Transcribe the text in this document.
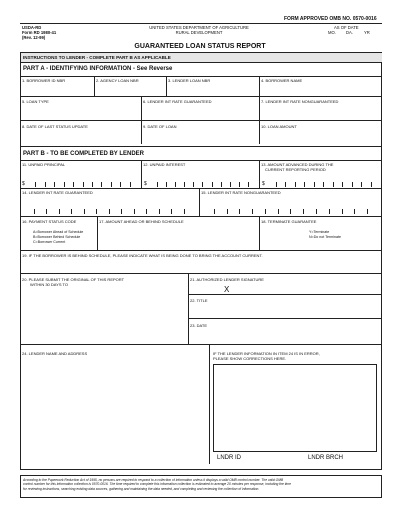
FORM APPROVED OMB NO. 0570-0016
USDA-RD
Form RD 1980-41
(Rev. 12-99)
UNITED STATES DEPARTMENT OF AGRICULTURE
RURAL DEVELOPMENT
AS OF DATE
MO. DA.	YR
GUARANTEED LOAN STATUS REPORT
INSTRUCTIONS TO LENDER - COMPLETE PART B AS APPLICABLE
PART A - IDENTIFYING INFORMATION - See Reverse
1. BORROWER ID NBR	2. AGENCY LOAN NBR	3. LENDER LOAN NBR	4. BORROWER NAME
5. LOAN TYPE	6. LENDER INT RATE GUARANTEED	7. LENDER INT RATE NONGUARANTEED
8. DATE OF LAST STATUS UPDATE	9. DATE OF LOAN	10. LOAN AMOUNT
PART B - TO BE COMPLETED BY LENDER
11. UNPAID PRINCIPAL	12. UNPAID INTEREST	13. AMOUNT ADVANCED DURING THE
CURRENT REPORTING PERIOD
$	$	$
14. LENDER INT RATE GUARANTEED	15. LENDER INT RATE NONGUARANTEED
16. PAYMENT STATUS CODE	17. AMOUNT AHEAD OR BEHIND SCHEDULE	18. TERMINATE GUARANTEE
A=Borrower Ahead of Schedule
B=Borrower Behind Schedule
C=Borrower Current
Y=Terminate
N=Do not Terminate
19. IF THE BORROWER IS BEHIND SCHEDULE, PLEASE INDICATE WHAT IS BEING DONE TO BRING THE ACCOUNT CURRENT.
20. PLEASE SUBMIT THE ORIGINAL OF THIS REPORT
WITHIN 30 DAYS TO
21. AUTHORIZED LENDER SIGNATURE
X
22. TITLE
23. DATE
24. LENDER NAME AND ADDRESS	IF THE LENDER INFORMATION IN ITEM 24 IS IN ERROR,
PLEASE SHOW CORRECTIONS HERE.
LNDR ID	LNDR BRCH
According to the Paperwork Reduction Act of 1995, no persons are required to respond to a collection of information unless it displays a valid OMB control number. The valid OMB
control number for this information collection is 0570-0016. The time required to complete this information collection is estimated to average 20 minutes per response, including the time
for reviewing instructions, searching existing data sources, gathering and maintaining the data needed, and completing and reviewing the collection of information.
